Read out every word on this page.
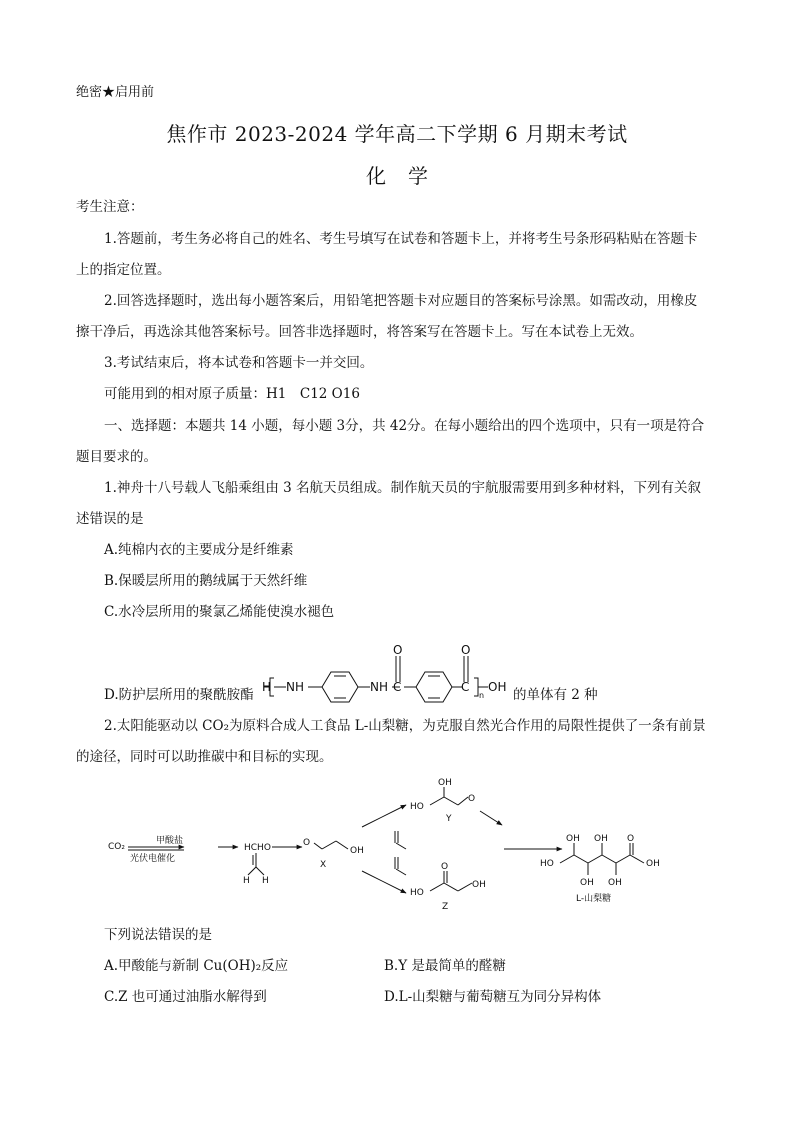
绝密★启用前
焦作市 2023-2024 学年高二下学期 6 月期末考试
化学
考生注意：
1.答题前，考生务必将自己的姓名、考生号填写在试卷和答题卡上，并将考生号条形码粘贴在答题卡
上的指定位置。
2.回答选择题时，选出每小题答案后，用铅笔把答题卡对应题目的答案标号涂黑。如需改动，用橡皮
擦干净后，再选涂其他答案标号。回答非选择题时，将答案写在答题卡上。写在本试卷上无效。
3.考试结束后，将本试卷和答题卡一并交回。
可能用到的相对原子质量：H1　C12 O16
一、选择题：本题共 14 小题，每小题 3分，共 42分。在每小题给出的四个选项中，只有一项是符合
题目要求的。
1.神舟十八号载人飞船乘组由 3 名航天员组成。制作航天员的宇航服需要用到多种材料，下列有关叙
述错误的是
A.纯棉内衣的主要成分是纤维素
B.保暖层所用的鹅绒属于天然纤维
C.水冷层所用的聚氯乙烯能使溴水褪色
D.防护层所用的聚酰胺酯 H NH	NH C
O
C
O
n
OH 的单体有 2 种
2.太阳能驱动以 CO₂为原料合成人工食品 L-山梨糖，为克服自然光合作用的局限性提供了一条有前景
的途径，同时可以助推碳中和目标的实现。
CO₂
甲酸盐
光伏电催化
HCHO
H H
O
OH
X
HO
OH
O
Y
HO
O
OH
Z
HO
OH OH
OH OH
O
OH
L-山梨糖
下列说法错误的是
A.甲酸能与新制 Cu(OH)₂反应	B.Y 是最简单的醛糖
C.Z 也可通过油脂水解得到	D.L-山梨糖与葡萄糖互为同分异构体
